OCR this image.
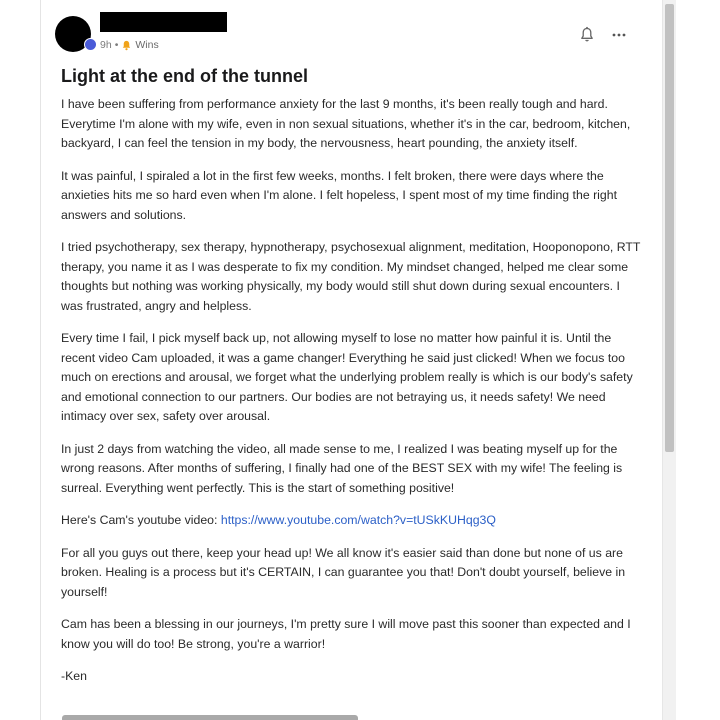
9h • Wins
Light at the end of the tunnel

I have been suffering from performance anxiety for the last 9 months, it's been really tough and hard. Everytime I'm alone with my wife, even in non sexual situations, whether it's in the car, bedroom, kitchen, backyard, I can feel the tension in my body, the nervousness, heart pounding, the anxiety itself.

It was painful, I spiraled a lot in the first few weeks, months. I felt broken, there were days where the anxieties hits me so hard even when I'm alone. I felt hopeless, I spent most of my time finding the right answers and solutions.

I tried psychotherapy, sex therapy, hypnotherapy, psychosexual alignment, meditation, Hooponopono, RTT therapy, you name it as I was desperate to fix my condition. My mindset changed, helped me clear some thoughts but nothing was working physically, my body would still shut down during sexual encounters. I was frustrated, angry and helpless.

Every time I fail, I pick myself back up, not allowing myself to lose no matter how painful it is. Until the recent video Cam uploaded, it was a game changer! Everything he said just clicked! When we focus too much on erections and arousal, we forget what the underlying problem really is which is our body's safety and emotional connection to our partners. Our bodies are not betraying us, it needs safety! We need intimacy over sex, safety over arousal.

In just 2 days from watching the video, all made sense to me, I realized I was beating myself up for the wrong reasons. After months of suffering, I finally had one of the BEST SEX with my wife! The feeling is surreal. Everything went perfectly. This is the start of something positive!

Here's Cam's youtube video: https://www.youtube.com/watch?v=tUSkKUHqg3Q

For all you guys out there, keep your head up! We all know it's easier said than done but none of us are broken. Healing is a process but it's CERTAIN, I can guarantee you that! Don't doubt yourself, believe in yourself!

Cam has been a blessing in our journeys, I'm pretty sure I will move past this sooner than expected and I know you will do too! Be strong, you're a warrior!

-Ken
